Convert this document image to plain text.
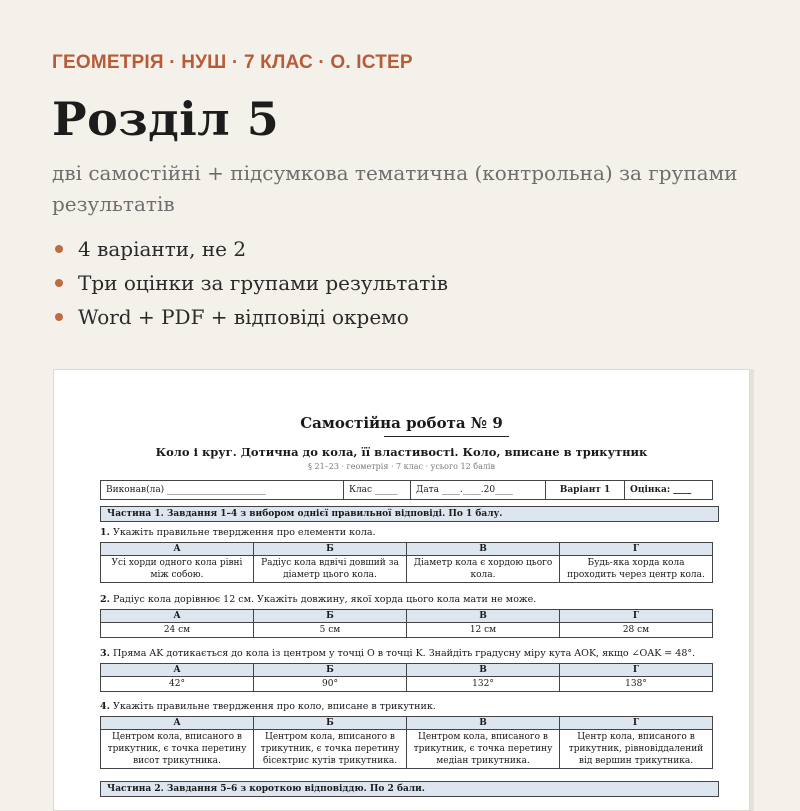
ГЕОМЕТРІЯ · НУШ · 7 КЛАС · О. ІСТЕР
Розділ 5
дві самостійні + підсумкова тематична (контрольна) за групами результатів
4 варіанти, не 2
Три оцінки за групами результатів
Word + PDF + відповіді окремо
Самостійна робота № 9
Коло і круг. Дотична до кола, її властивості. Коло, вписане в трикутник
§ 21–23 · геометрія · 7 клас · усього 12 балів
Виконав(ла) ______________________	Клас _____	Дата ____.____.20____	Варіант 1	Оцінка: ____
Частина 1. Завдання 1–4 з вибором однієї правильної відповіді. По 1 балу.
1. Укажіть правильне твердження про елементи кола.
А	Б	В	Г
Усі хорди одного кола рівні між собою.	Радіус кола вдвічі довший за діаметр цього кола.	Діаметр кола є хордою цього кола.	Будь-яка хорда кола проходить через центр кола.
2. Радіус кола дорівнює 12 см. Укажіть довжину, якої хорда цього кола мати не може.
А	Б	В	Г
24 см	5 см	12 см	28 см
3. Пряма AK дотикається до кола із центром у точці O в точці K. Знайдіть градусну міру кута AOK, якщо ∠OAK = 48°.
А	Б	В	Г
42°	90°	132°	138°
4. Укажіть правильне твердження про коло, вписане в трикутник.
А	Б	В	Г
Центром кола, вписаного в трикутник, є точка перетину висот трикутника.	Центром кола, вписаного в трикутник, є точка перетину бісектрис кутів трикутника.	Центром кола, вписаного в трикутник, є точка перетину медіан трикутника.	Центр кола, вписаного в трикутник, рівновіддалений від вершин трикутника.
Частина 2. Завдання 5–6 з короткою відповіддю. По 2 бали.
